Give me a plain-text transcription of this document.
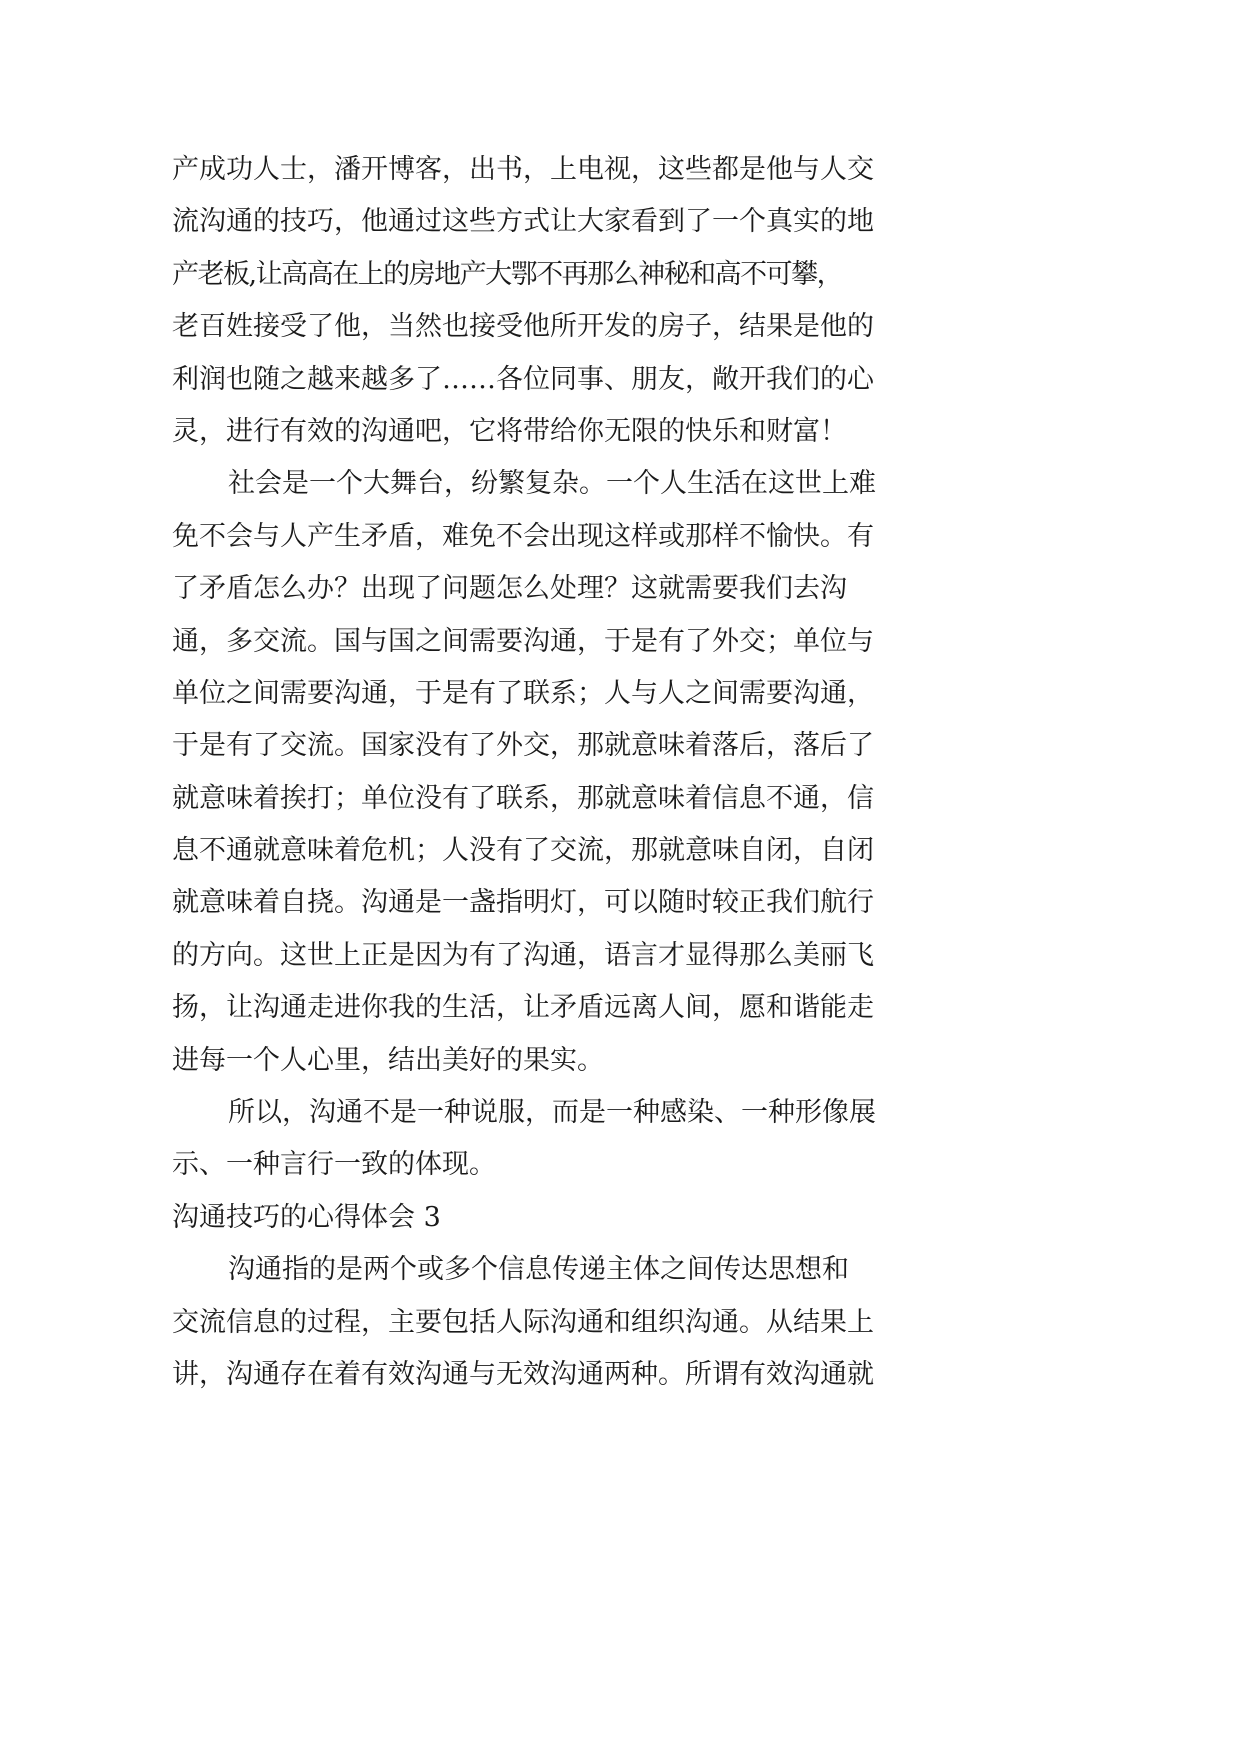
产成功人士，潘开博客，出书，上电视，这些都是他与人交
流沟通的技巧，他通过这些方式让大家看到了一个真实的地
产老板,让高高在上的房地产大鄂不再那么神秘和高不可攀，
老百姓接受了他，当然也接受他所开发的房子，结果是他的
利润也随之越来越多了……各位同事、朋友，敞开我们的心
灵，进行有效的沟通吧，它将带给你无限的快乐和财富！
社会是一个大舞台，纷繁复杂。一个人生活在这世上难
免不会与人产生矛盾，难免不会出现这样或那样不愉快。有
了矛盾怎么办？出现了问题怎么处理？这就需要我们去沟
通，多交流。国与国之间需要沟通，于是有了外交；单位与
单位之间需要沟通，于是有了联系；人与人之间需要沟通，
于是有了交流。国家没有了外交，那就意味着落后，落后了
就意味着挨打；单位没有了联系，那就意味着信息不通，信
息不通就意味着危机；人没有了交流，那就意味自闭，自闭
就意味着自挠。沟通是一盏指明灯，可以随时较正我们航行
的方向。这世上正是因为有了沟通，语言才显得那么美丽飞
扬，让沟通走进你我的生活，让矛盾远离人间，愿和谐能走
进每一个人心里，结出美好的果实。
所以，沟通不是一种说服，而是一种感染、一种形像展
示、一种言行一致的体现。
沟通技巧的心得体会 3
沟通指的是两个或多个信息传递主体之间传达思想和
交流信息的过程，主要包括人际沟通和组织沟通。从结果上
讲，沟通存在着有效沟通与无效沟通两种。所谓有效沟通就
